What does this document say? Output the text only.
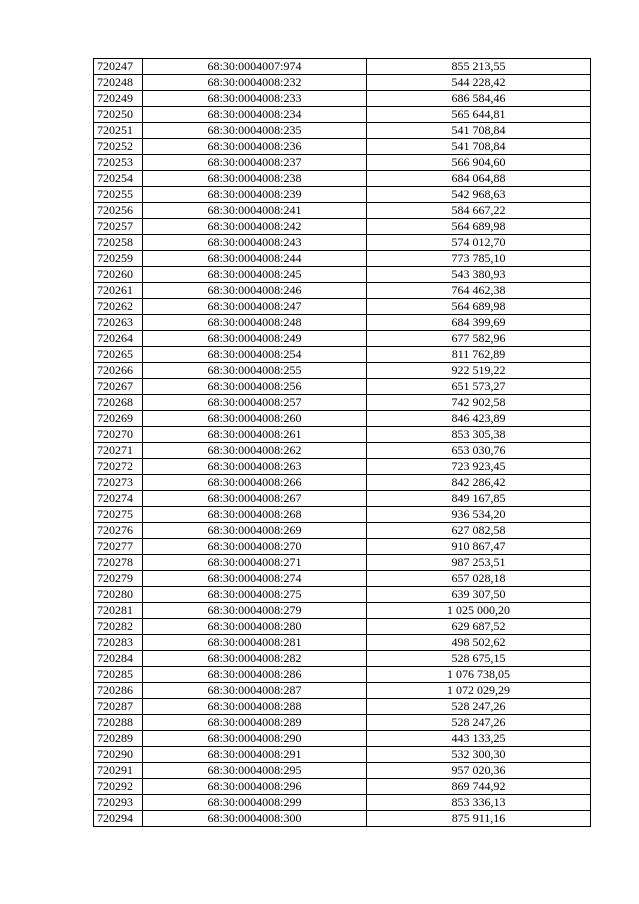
720247	68:30:0004007:974	855 213,55
720248	68:30:0004008:232	544 228,42
720249	68:30:0004008:233	686 584,46
720250	68:30:0004008:234	565 644,81
720251	68:30:0004008:235	541 708,84
720252	68:30:0004008:236	541 708,84
720253	68:30:0004008:237	566 904,60
720254	68:30:0004008:238	684 064,88
720255	68:30:0004008:239	542 968,63
720256	68:30:0004008:241	584 667,22
720257	68:30:0004008:242	564 689,98
720258	68:30:0004008:243	574 012,70
720259	68:30:0004008:244	773 785,10
720260	68:30:0004008:245	543 380,93
720261	68:30:0004008:246	764 462,38
720262	68:30:0004008:247	564 689,98
720263	68:30:0004008:248	684 399,69
720264	68:30:0004008:249	677 582,96
720265	68:30:0004008:254	811 762,89
720266	68:30:0004008:255	922 519,22
720267	68:30:0004008:256	651 573,27
720268	68:30:0004008:257	742 902,58
720269	68:30:0004008:260	846 423,89
720270	68:30:0004008:261	853 305,38
720271	68:30:0004008:262	653 030,76
720272	68:30:0004008:263	723 923,45
720273	68:30:0004008:266	842 286,42
720274	68:30:0004008:267	849 167,85
720275	68:30:0004008:268	936 534,20
720276	68:30:0004008:269	627 082,58
720277	68:30:0004008:270	910 867,47
720278	68:30:0004008:271	987 253,51
720279	68:30:0004008:274	657 028,18
720280	68:30:0004008:275	639 307,50
720281	68:30:0004008:279	1 025 000,20
720282	68:30:0004008:280	629 687,52
720283	68:30:0004008:281	498 502,62
720284	68:30:0004008:282	528 675,15
720285	68:30:0004008:286	1 076 738,05
720286	68:30:0004008:287	1 072 029,29
720287	68:30:0004008:288	528 247,26
720288	68:30:0004008:289	528 247,26
720289	68:30:0004008:290	443 133,25
720290	68:30:0004008:291	532 300,30
720291	68:30:0004008:295	957 020,36
720292	68:30:0004008:296	869 744,92
720293	68:30:0004008:299	853 336,13
720294	68:30:0004008:300	875 911,16
